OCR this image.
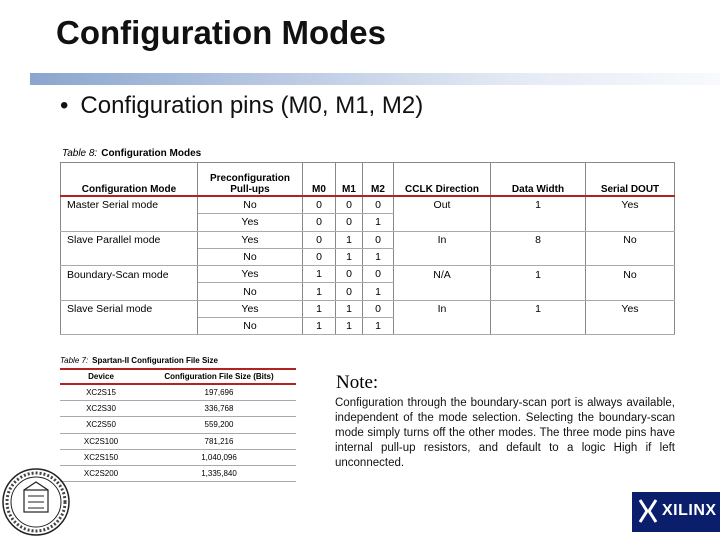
Configuration Modes
• Configuration pins (M0, M1, M2)
Table 8: Configuration Modes
Configuration Mode	Preconfiguration Pull-ups	M0	M1	M2	CCLK Direction	Data Width	Serial DOUT
Master Serial mode	No	0	0	0	Out	1	Yes
	Yes	0	0	1			
Slave Parallel mode	Yes	0	1	0	In	8	No
	No	0	1	1			
Boundary-Scan mode	Yes	1	0	0	N/A	1	No
	No	1	0	1			
Slave Serial mode	Yes	1	1	0	In	1	Yes
	No	1	1	1			
Table 7: Spartan-II Configuration File Size
Device	Configuration File Size (Bits)
XC2S15	197,696
XC2S30	336,768
XC2S50	559,200
XC2S100	781,216
XC2S150	1,040,096
XC2S200	1,335,840
Note:
Configuration through the boundary-scan port is always available, independent of the mode selection. Selecting the boundary-scan mode simply turns off the other modes. The three mode pins have internal pull-up resistors, and default to a logic High if left unconnected.
XILINX
